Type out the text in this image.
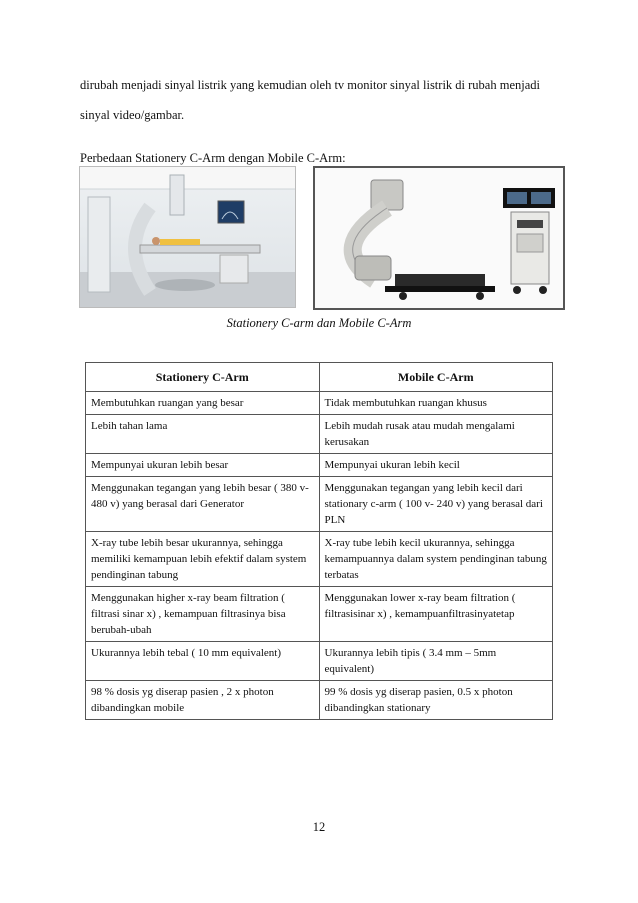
dirubah menjadi sinyal listrik yang kemudian oleh tv monitor sinyal listrik di rubah menjadi sinyal video/gambar.
Perbedaan Stationery C-Arm dengan Mobile C-Arm:
Stationery C-arm dan Mobile C-Arm
Stationery C-Arm	Mobile C-Arm
Membutuhkan ruangan yang besar	Tidak membutuhkan ruangan khusus
Lebih tahan lama	Lebih mudah rusak atau mudah mengalami kerusakan
Mempunyai ukuran lebih besar	Mempunyai ukuran lebih kecil
Menggunakan tegangan yang lebih besar ( 380 v- 480 v) yang berasal dari Generator	Menggunakan tegangan yang lebih kecil dari stationary c-arm ( 100 v- 240 v) yang berasal dari PLN
X-ray tube lebih besar ukurannya, sehingga memiliki kemampuan lebih efektif dalam system pendinginan tabung	X-ray tube lebih kecil ukurannya, sehingga kemampuannya dalam system pendinginan tabung terbatas
Menggunakan higher x-ray beam filtration ( filtrasi sinar x) , kemampuan filtrasinya bisa berubah-ubah	Menggunakan lower x-ray beam filtration ( filtrasisinar x) , kemampuanfiltrasinyatetap
Ukurannya lebih tebal ( 10 mm equivalent)	Ukurannya lebih tipis ( 3.4 mm – 5mm equivalent)
98 % dosis yg diserap pasien , 2 x photon dibandingkan mobile	99 % dosis yg diserap pasien, 0.5 x photon dibandingkan stationary
12
